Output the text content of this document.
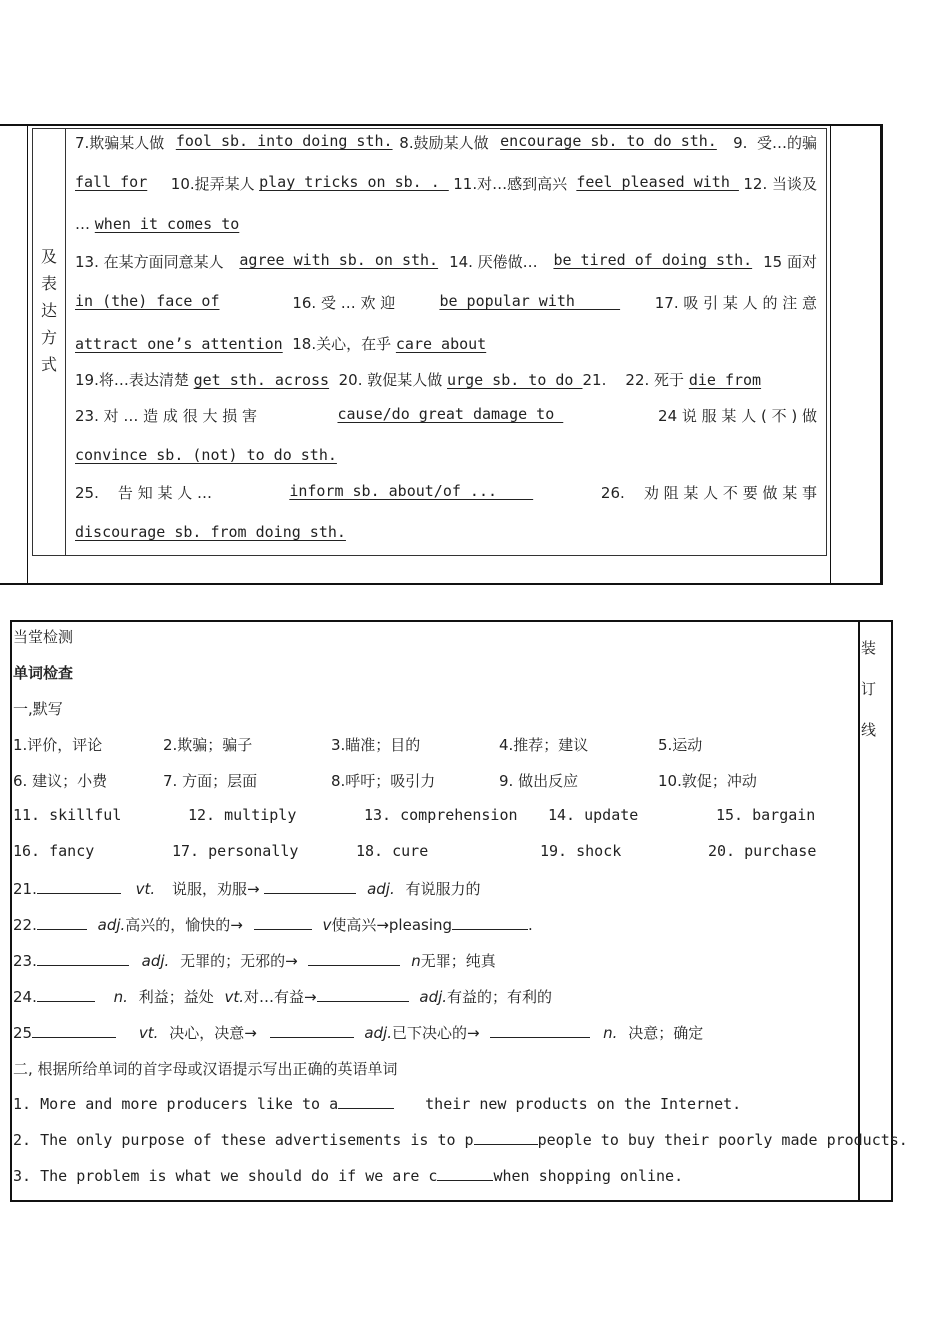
及
表
达
方
式
7.欺骗某人做 fool sb. into doing sth. 8.鼓励某人做 encourage sb. to do sth. 9.  受…的骗
fall for 10.捉弄某人 play tricks on sb. . 11.对…感到高兴 feel pleased with 12. 当谈及
… when it comes to
13. 在某方面同意某人 agree with sb. on sth. 14. 厌倦做… be tired of doing sth. 15 面对
in (the) face of 16. 受 … 欢 迎 be popular with 17. 吸 引 某 人 的 注 意
attract one’s attention  18.关心，在乎 care about
19.将…表达清楚 get sth. across  20. 敦促某人做 urge sb. to do 21.    22. 死于 die from
23. 对 … 造 成 很 大 损 害	cause/do great damage to	24 说 服 某 人 ( 不 ) 做
convince sb. (not) to do sth.
25.    告 知 某 人 …	inform sb. about/of ...	26.    劝 阻 某 人 不 要 做 某 事
discourage sb. from doing sth.
装
订
线
当堂检测
单词检查
一,默写
1.评价，评论	2.欺骗；骗子	3.瞄准；目的	4.推荐；建议	5.运动
6. 建议；小费	7. 方面；层面	8.呼吁；吸引力	9. 做出反应	10.敦促；冲动
11. skillful	12. multiply	13. comprehension 14. update	15. bargain
16. fancy	17. personally	18. cure	19. shock	20. purchase
21.	vt. 说服，劝服→	adj. 有说服力的
22.	adj.高兴的，愉快的→	v使高兴→pleasing	.
23.	adj. 无罪的；无邪的→	n无罪；纯真
24.	n. 利益；益处 vt.对…有益→	adj.有益的；有利的
25	vt. 决心，决意→	adj.已下决心的→	n. 决意；确定
二, 根据所给单词的首字母或汉语提示写出正确的英语单词
1. More and more producers like to a	their new products on the Internet.
2. The only purpose of these advertisements is to p	people to buy their poorly made products.
3. The problem is what we should do if we are c	when shopping online.
